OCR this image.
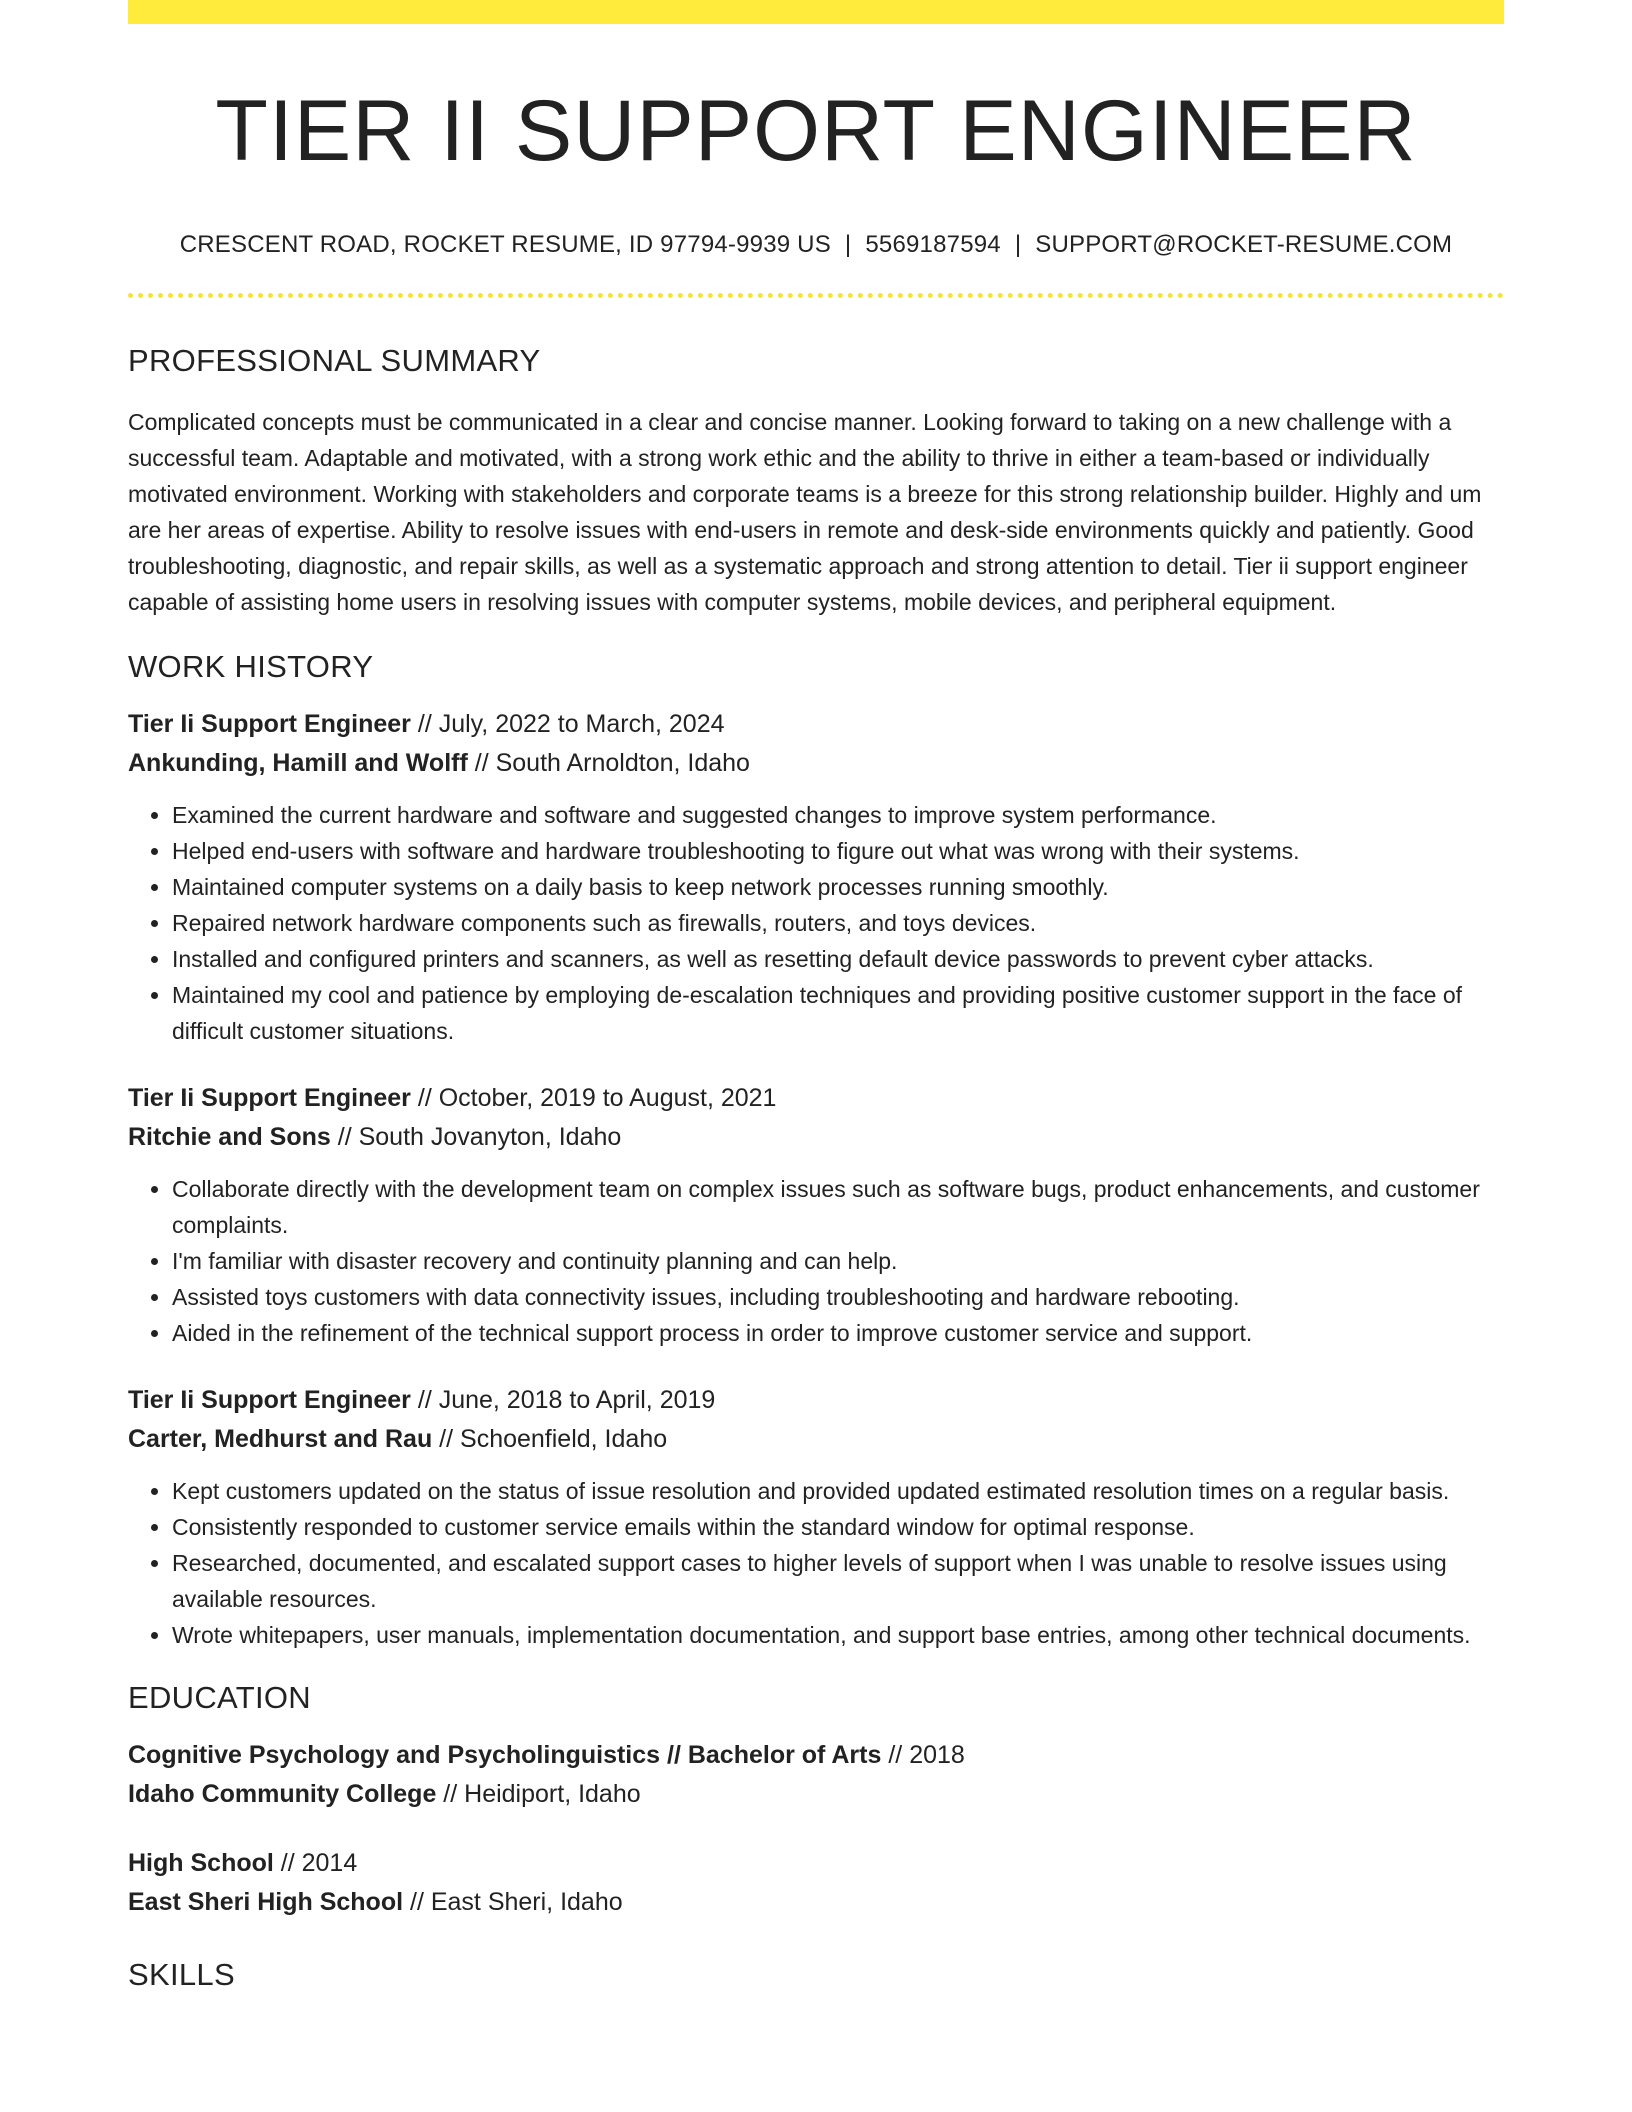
TIER II SUPPORT ENGINEER
CRESCENT ROAD, ROCKET RESUME, ID 97794-9939 US | 5569187594 | SUPPORT@ROCKET-RESUME.COM
PROFESSIONAL SUMMARY

Complicated concepts must be communicated in a clear and concise manner. Looking forward to taking on a new challenge with a successful team. Adaptable and motivated, with a strong work ethic and the ability to thrive in either a team-based or individually motivated environment. Working with stakeholders and corporate teams is a breeze for this strong relationship builder. Highly and um are her areas of expertise. Ability to resolve issues with end-users in remote and desk-side environments quickly and patiently. Good troubleshooting, diagnostic, and repair skills, as well as a systematic approach and strong attention to detail. Tier ii support engineer capable of assisting home users in resolving issues with computer systems, mobile devices, and peripheral equipment.

WORK HISTORY

Tier Ii Support Engineer // July, 2022 to March, 2024

Ankunding, Hamill and Wolff // South Arnoldton, Idaho

• Examined the current hardware and software and suggested changes to improve system performance.
• Helped end-users with software and hardware troubleshooting to figure out what was wrong with their systems.
• Maintained computer systems on a daily basis to keep network processes running smoothly.
• Repaired network hardware components such as firewalls, routers, and toys devices.
• Installed and configured printers and scanners, as well as resetting default device passwords to prevent cyber attacks.
• Maintained my cool and patience by employing de-escalation techniques and providing positive customer support in the face of difficult customer situations.

Tier Ii Support Engineer // October, 2019 to August, 2021

Ritchie and Sons // South Jovanyton, Idaho

• Collaborate directly with the development team on complex issues such as software bugs, product enhancements, and customer complaints.
• I'm familiar with disaster recovery and continuity planning and can help.
• Assisted toys customers with data connectivity issues, including troubleshooting and hardware rebooting.
• Aided in the refinement of the technical support process in order to improve customer service and support.

Tier Ii Support Engineer // June, 2018 to April, 2019

Carter, Medhurst and Rau // Schoenfield, Idaho

• Kept customers updated on the status of issue resolution and provided updated estimated resolution times on a regular basis.
• Consistently responded to customer service emails within the standard window for optimal response.
• Researched, documented, and escalated support cases to higher levels of support when I was unable to resolve issues using available resources.
• Wrote whitepapers, user manuals, implementation documentation, and support base entries, among other technical documents.
EDUCATION

Cognitive Psychology and Psycholinguistics // Bachelor of Arts // 2018

Idaho Community College // Heidiport, Idaho

High School // 2014

East Sheri High School // East Sheri, Idaho

SKILLS
